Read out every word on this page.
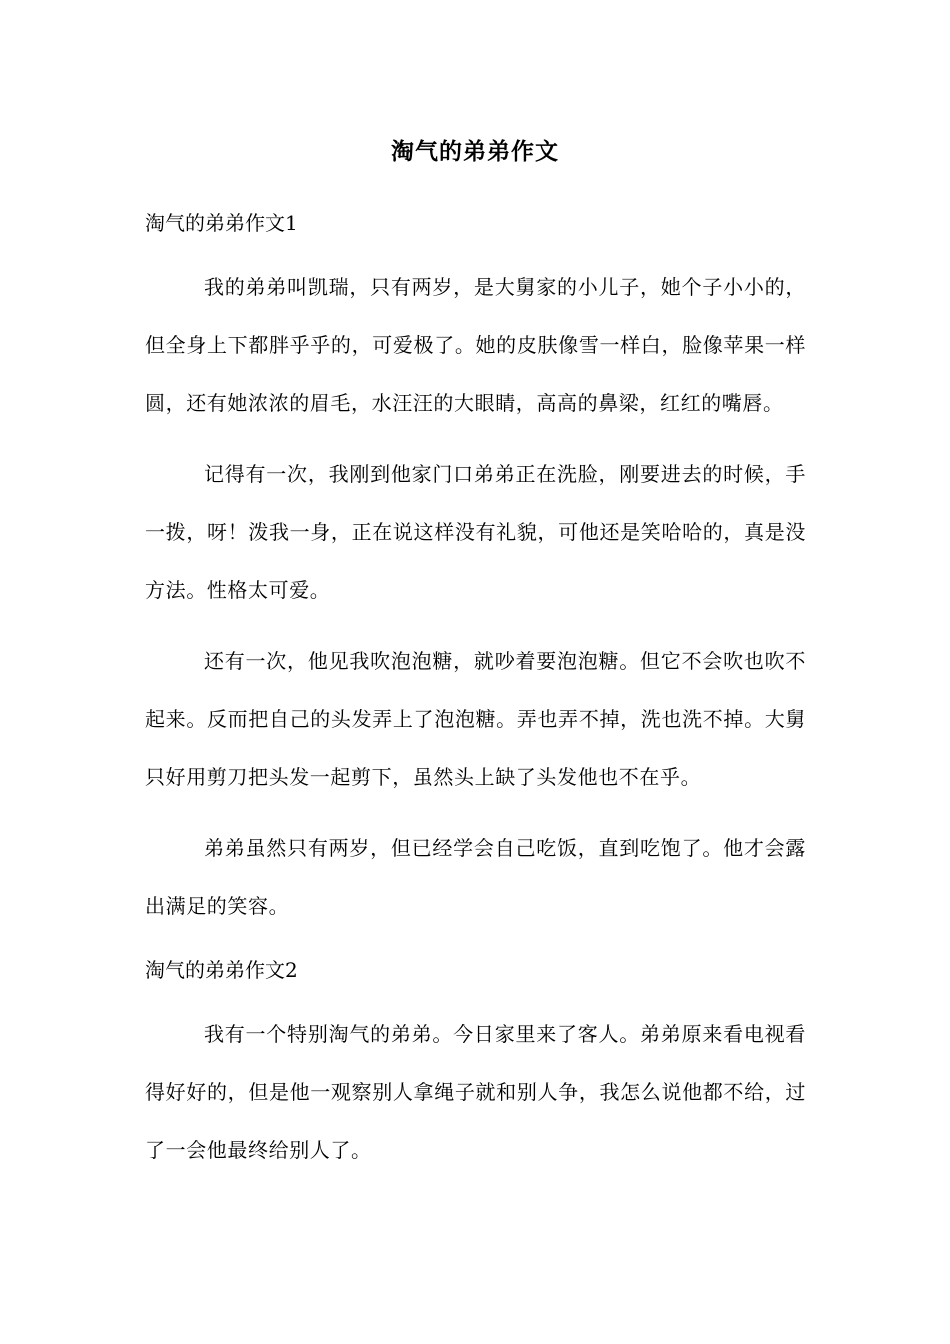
淘气的弟弟作文

淘气的弟弟作文1

我的弟弟叫凯瑞，只有两岁，是大舅家的小儿子，她个子小小的，但全身上下都胖乎乎的，可爱极了。她的皮肤像雪一样白，脸像苹果一样圆，还有她浓浓的眉毛，水汪汪的大眼睛，高高的鼻梁，红红的嘴唇。

记得有一次，我刚到他家门口弟弟正在洗脸，刚要进去的时候，手一拨，呀！泼我一身，正在说这样没有礼貌，可他还是笑哈哈的，真是没方法。性格太可爱。

还有一次，他见我吹泡泡糖，就吵着要泡泡糖。但它不会吹也吹不起来。反而把自己的头发弄上了泡泡糖。弄也弄不掉，洗也洗不掉。大舅只好用剪刀把头发一起剪下，虽然头上缺了头发他也不在乎。

弟弟虽然只有两岁，但已经学会自己吃饭，直到吃饱了。他才会露出满足的笑容。

淘气的弟弟作文2

我有一个特别淘气的弟弟。今日家里来了客人。弟弟原来看电视看得好好的，但是他一观察别人拿绳子就和别人争，我怎么说他都不给，过了一会他最终给别人了。
